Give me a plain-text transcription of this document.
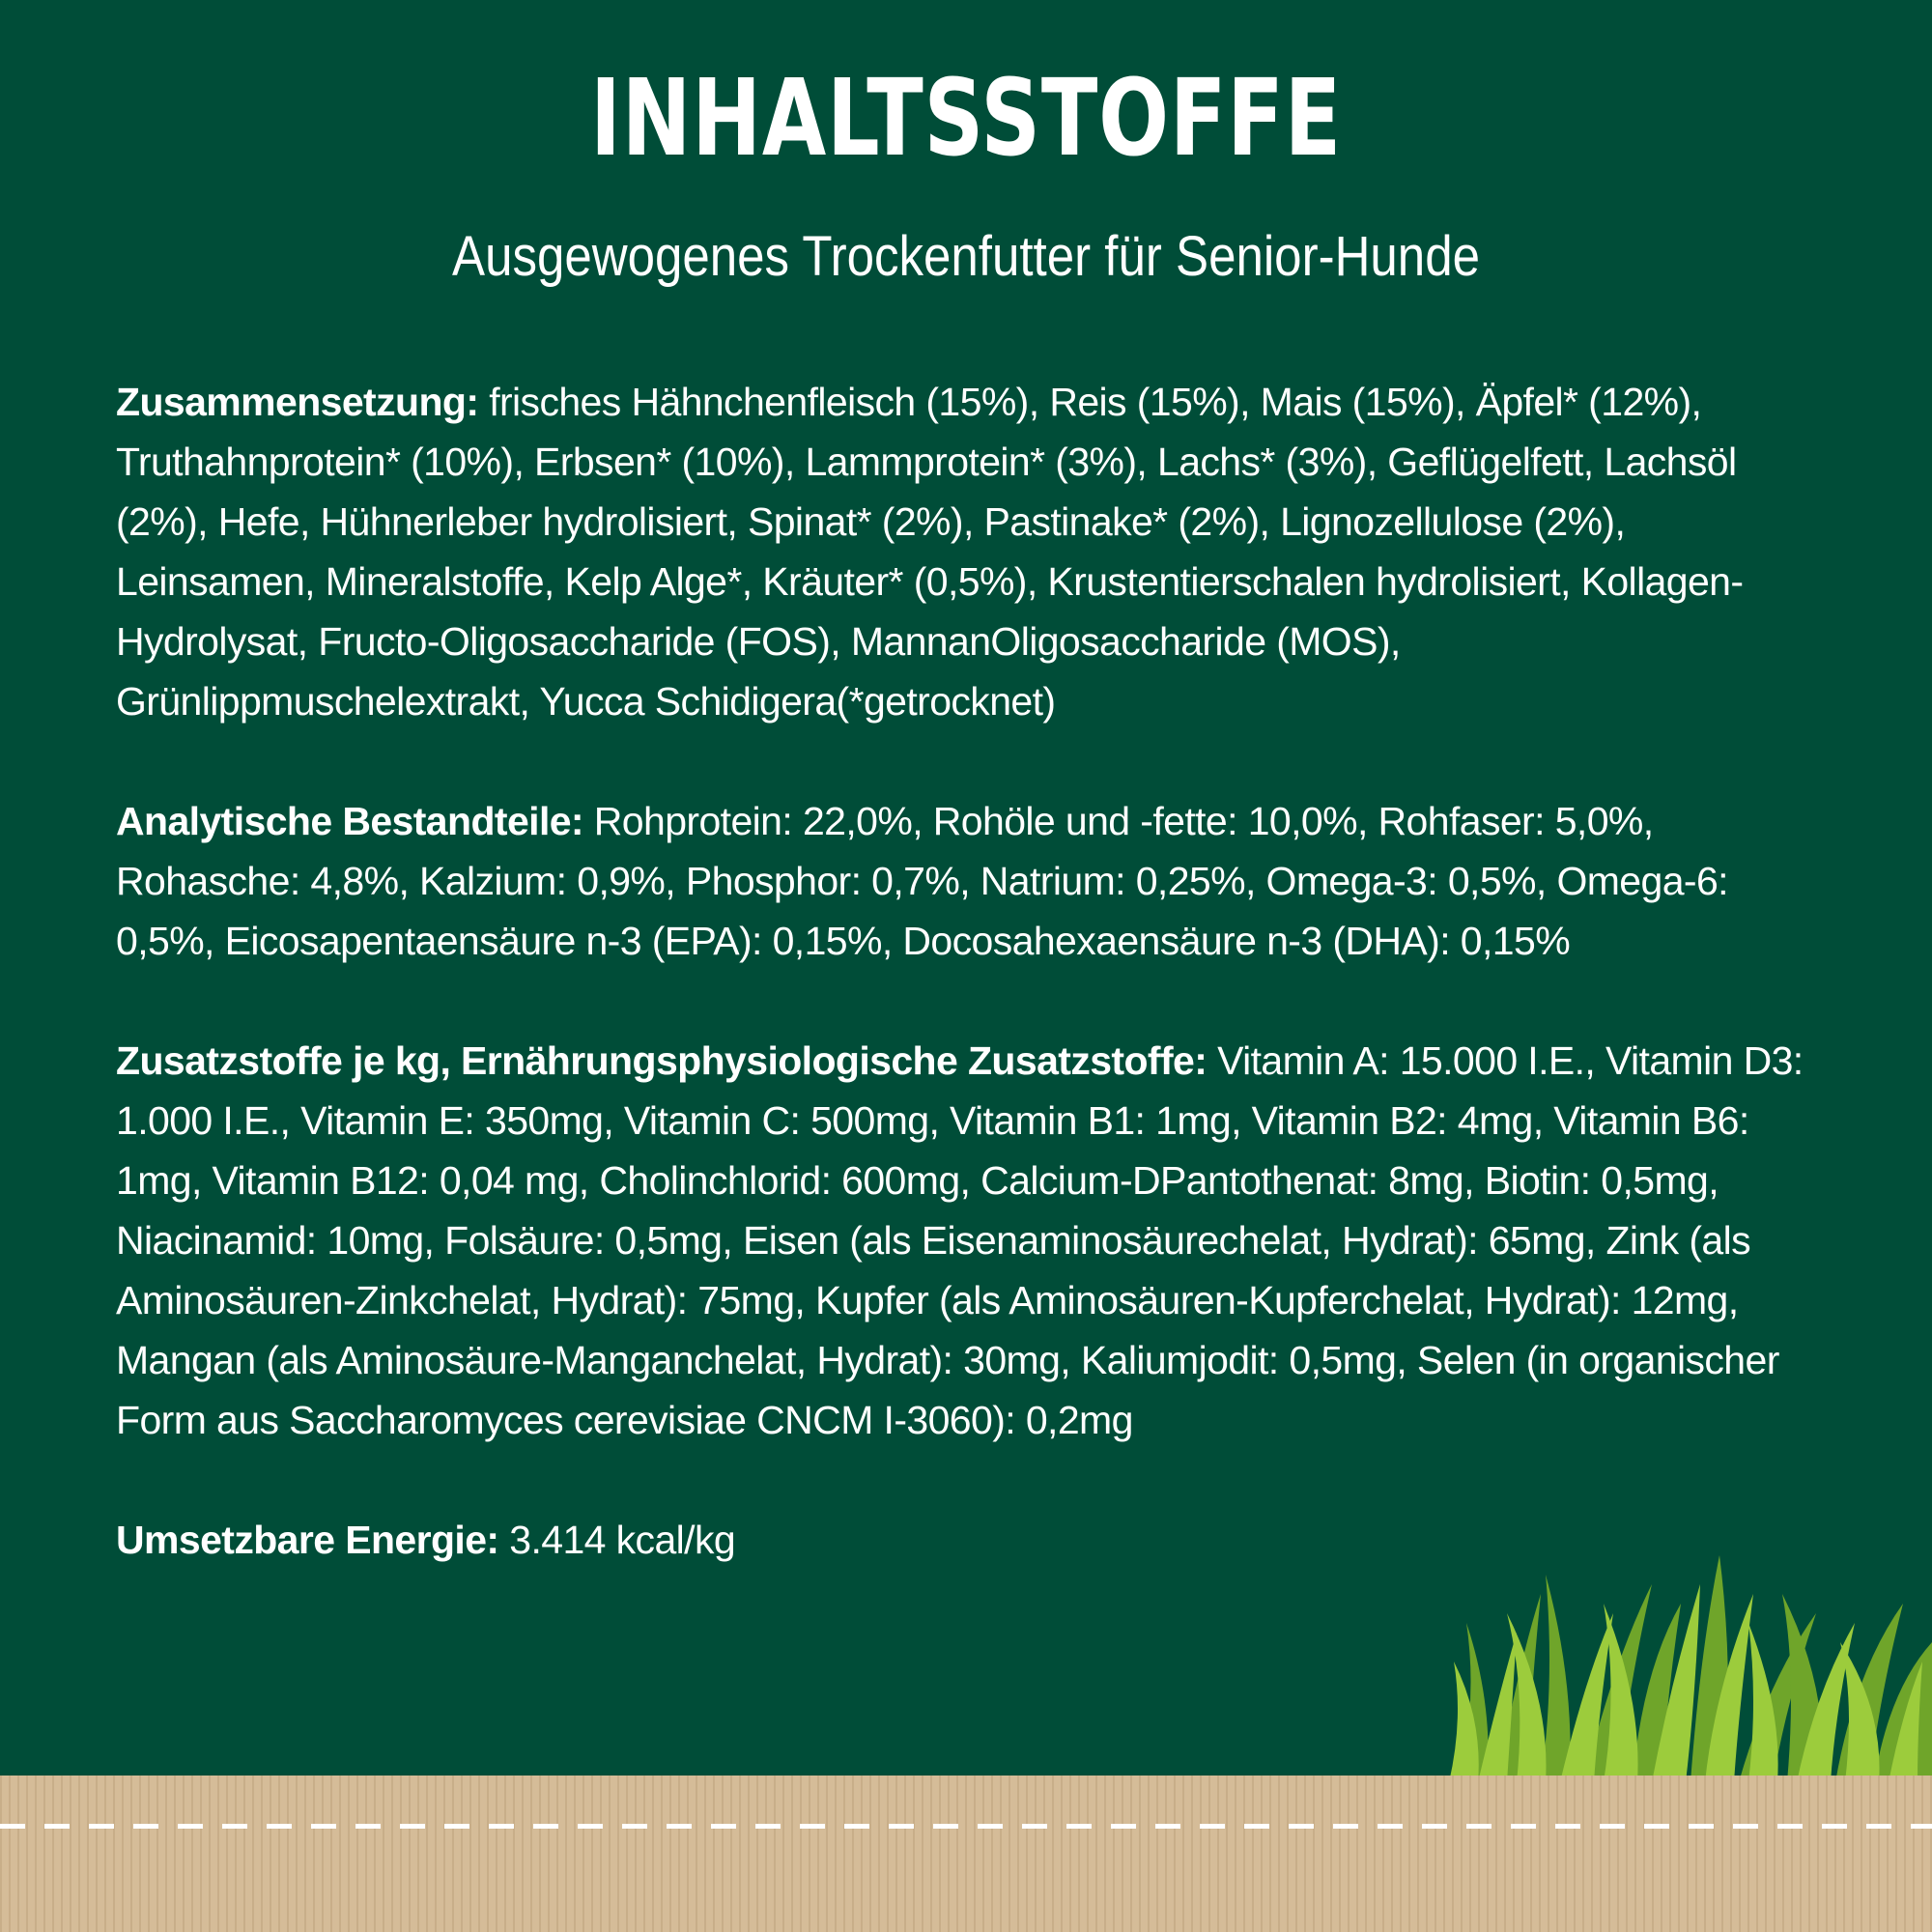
INHALTSSTOFFE
Ausgewogenes Trockenfutter für Senior-Hunde

Zusammensetzung: frisches Hähnchenfleisch (15%), Reis (15%), Mais (15%), Äpfel* (12%), Truthahnprotein* (10%), Erbsen* (10%), Lammprotein* (3%), Lachs* (3%), Geflügelfett, Lachsöl (2%), Hefe, Hühnerleber hydrolisiert, Spinat* (2%), Pastinake* (2%), Lignozellulose (2%), Leinsamen, Mineralstoffe, Kelp Alge*, Kräuter* (0,5%), Krustentierschalen hydrolisiert, Kollagen-Hydrolysat, Fructo-Oligosaccharide (FOS), MannanOligosaccharide (MOS), Grünlippmuschelextrakt, Yucca Schidigera(*getrocknet)

Analytische Bestandteile: Rohprotein: 22,0%, Rohöle und -fette: 10,0%, Rohfaser: 5,0%, Rohasche: 4,8%, Kalzium: 0,9%, Phosphor: 0,7%, Natrium: 0,25%, Omega-3: 0,5%, Omega-6: 0,5%, Eicosapentaensäure n-3 (EPA): 0,15%, Docosahexaensäure n-3 (DHA): 0,15%

Zusatzstoffe je kg, Ernährungsphysiologische Zusatzstoffe: Vitamin A: 15.000 I.E., Vitamin D3: 1.000 I.E., Vitamin E: 350mg, Vitamin C: 500mg, Vitamin B1: 1mg, Vitamin B2: 4mg, Vitamin B6: 1mg, Vitamin B12: 0,04 mg, Cholinchlorid: 600mg, Calcium-DPantothenat: 8mg, Biotin: 0,5mg, Niacinamid: 10mg, Folsäure: 0,5mg, Eisen (als Eisenaminosäurechelat, Hydrat): 65mg, Zink (als Aminosäuren-Zinkchelat, Hydrat): 75mg, Kupfer (als Aminosäuren-Kupferchelat, Hydrat): 12mg, Mangan (als Aminosäure-Manganchelat, Hydrat): 30mg, Kaliumjodit: 0,5mg, Selen (in organischer Form aus Saccharomyces cerevisiae CNCM I-3060): 0,2mg

Umsetzbare Energie: 3.414 kcal/kg
